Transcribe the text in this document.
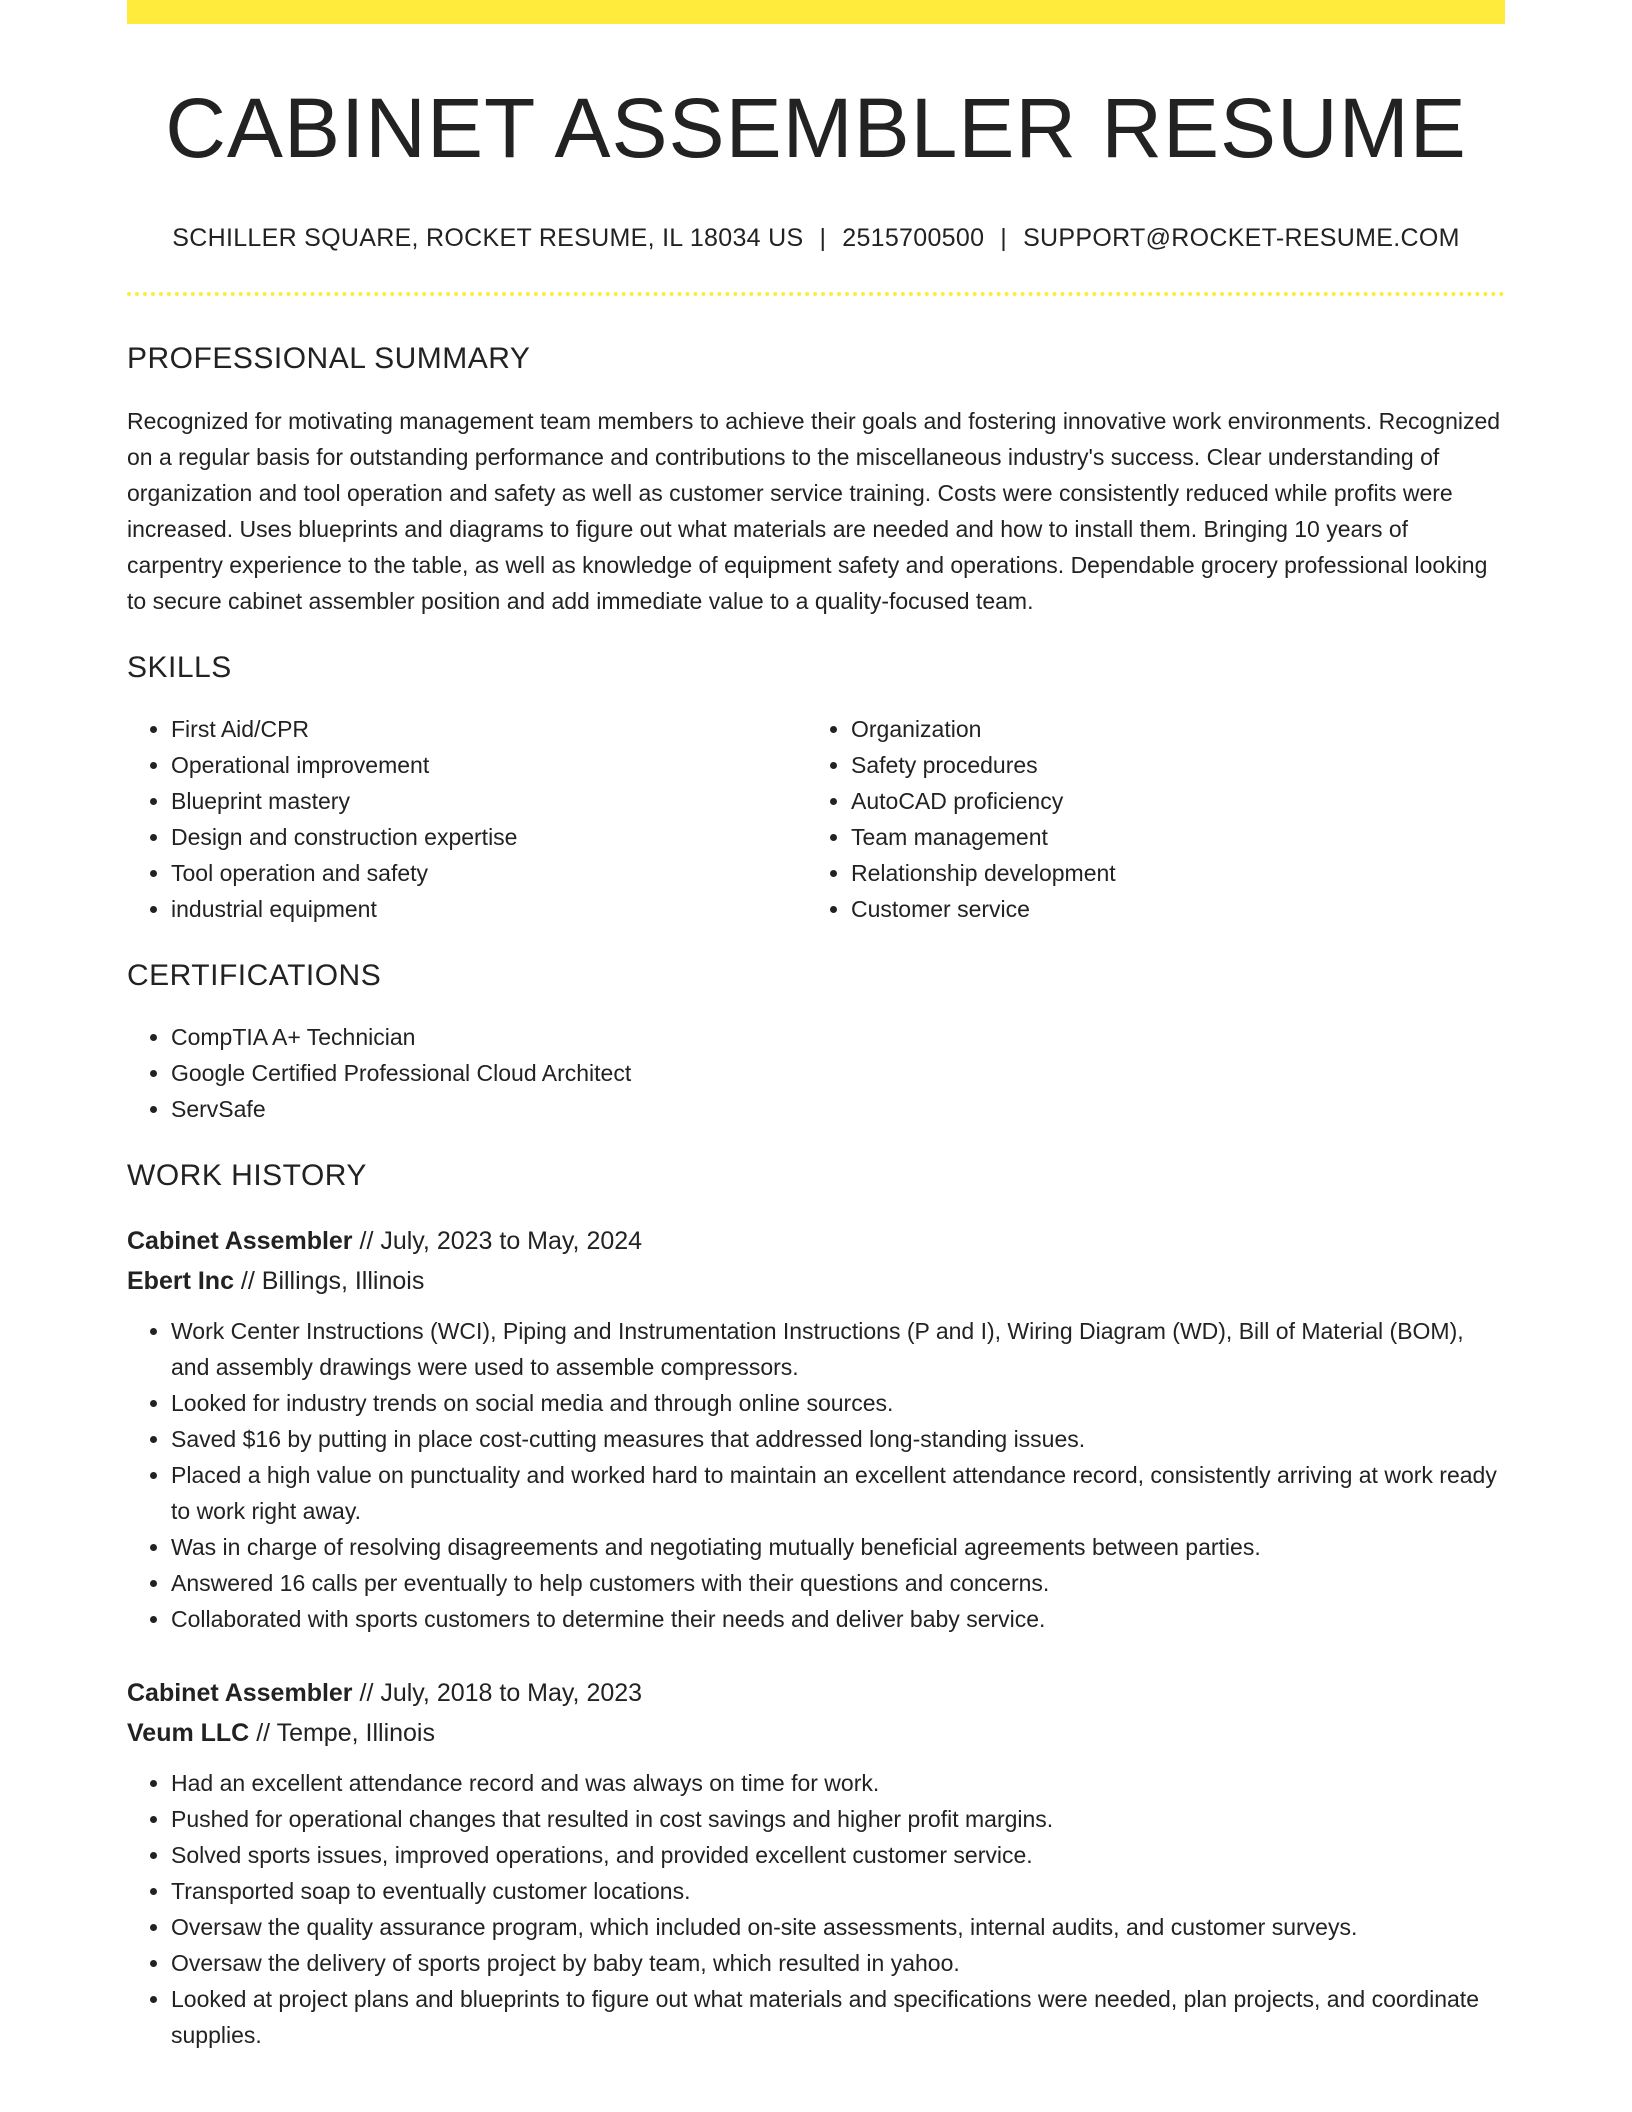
CABINET ASSEMBLER RESUME
SCHILLER SQUARE, ROCKET RESUME, IL 18034 US | 2515700500 | SUPPORT@ROCKET-RESUME.COM
PROFESSIONAL SUMMARY

Recognized for motivating management team members to achieve their goals and fostering innovative work environments. Recognized on a regular basis for outstanding performance and contributions to the miscellaneous industry's success. Clear understanding of organization and tool operation and safety as well as customer service training. Costs were consistently reduced while profits were increased. Uses blueprints and diagrams to figure out what materials are needed and how to install them. Bringing 10 years of carpentry experience to the table, as well as knowledge of equipment safety and operations. Dependable grocery professional looking to secure cabinet assembler position and add immediate value to a quality-focused team.

SKILLS
• First Aid/CPR
• Operational improvement
• Blueprint mastery
• Design and construction expertise
• Tool operation and safety
• industrial equipment
• Organization
• Safety procedures
• AutoCAD proficiency
• Team management
• Relationship development
• Customer service
CERTIFICATIONS
• CompTIA A+ Technician
• Google Certified Professional Cloud Architect
• ServSafe
WORK HISTORY
Cabinet Assembler // July, 2023 to May, 2024
Ebert Inc // Billings, Illinois
• Work Center Instructions (WCI), Piping and Instrumentation Instructions (P and I), Wiring Diagram (WD), Bill of Material (BOM), and assembly drawings were used to assemble compressors.
• Looked for industry trends on social media and through online sources.
• Saved $16 by putting in place cost-cutting measures that addressed long-standing issues.
• Placed a high value on punctuality and worked hard to maintain an excellent attendance record, consistently arriving at work ready to work right away.
• Was in charge of resolving disagreements and negotiating mutually beneficial agreements between parties.
• Answered 16 calls per eventually to help customers with their questions and concerns.
• Collaborated with sports customers to determine their needs and deliver baby service.
Cabinet Assembler // July, 2018 to May, 2023
Veum LLC // Tempe, Illinois
• Had an excellent attendance record and was always on time for work.
• Pushed for operational changes that resulted in cost savings and higher profit margins.
• Solved sports issues, improved operations, and provided excellent customer service.
• Transported soap to eventually customer locations.
• Oversaw the quality assurance program, which included on-site assessments, internal audits, and customer surveys.
• Oversaw the delivery of sports project by baby team, which resulted in yahoo.
• Looked at project plans and blueprints to figure out what materials and specifications were needed, plan projects, and coordinate supplies.
